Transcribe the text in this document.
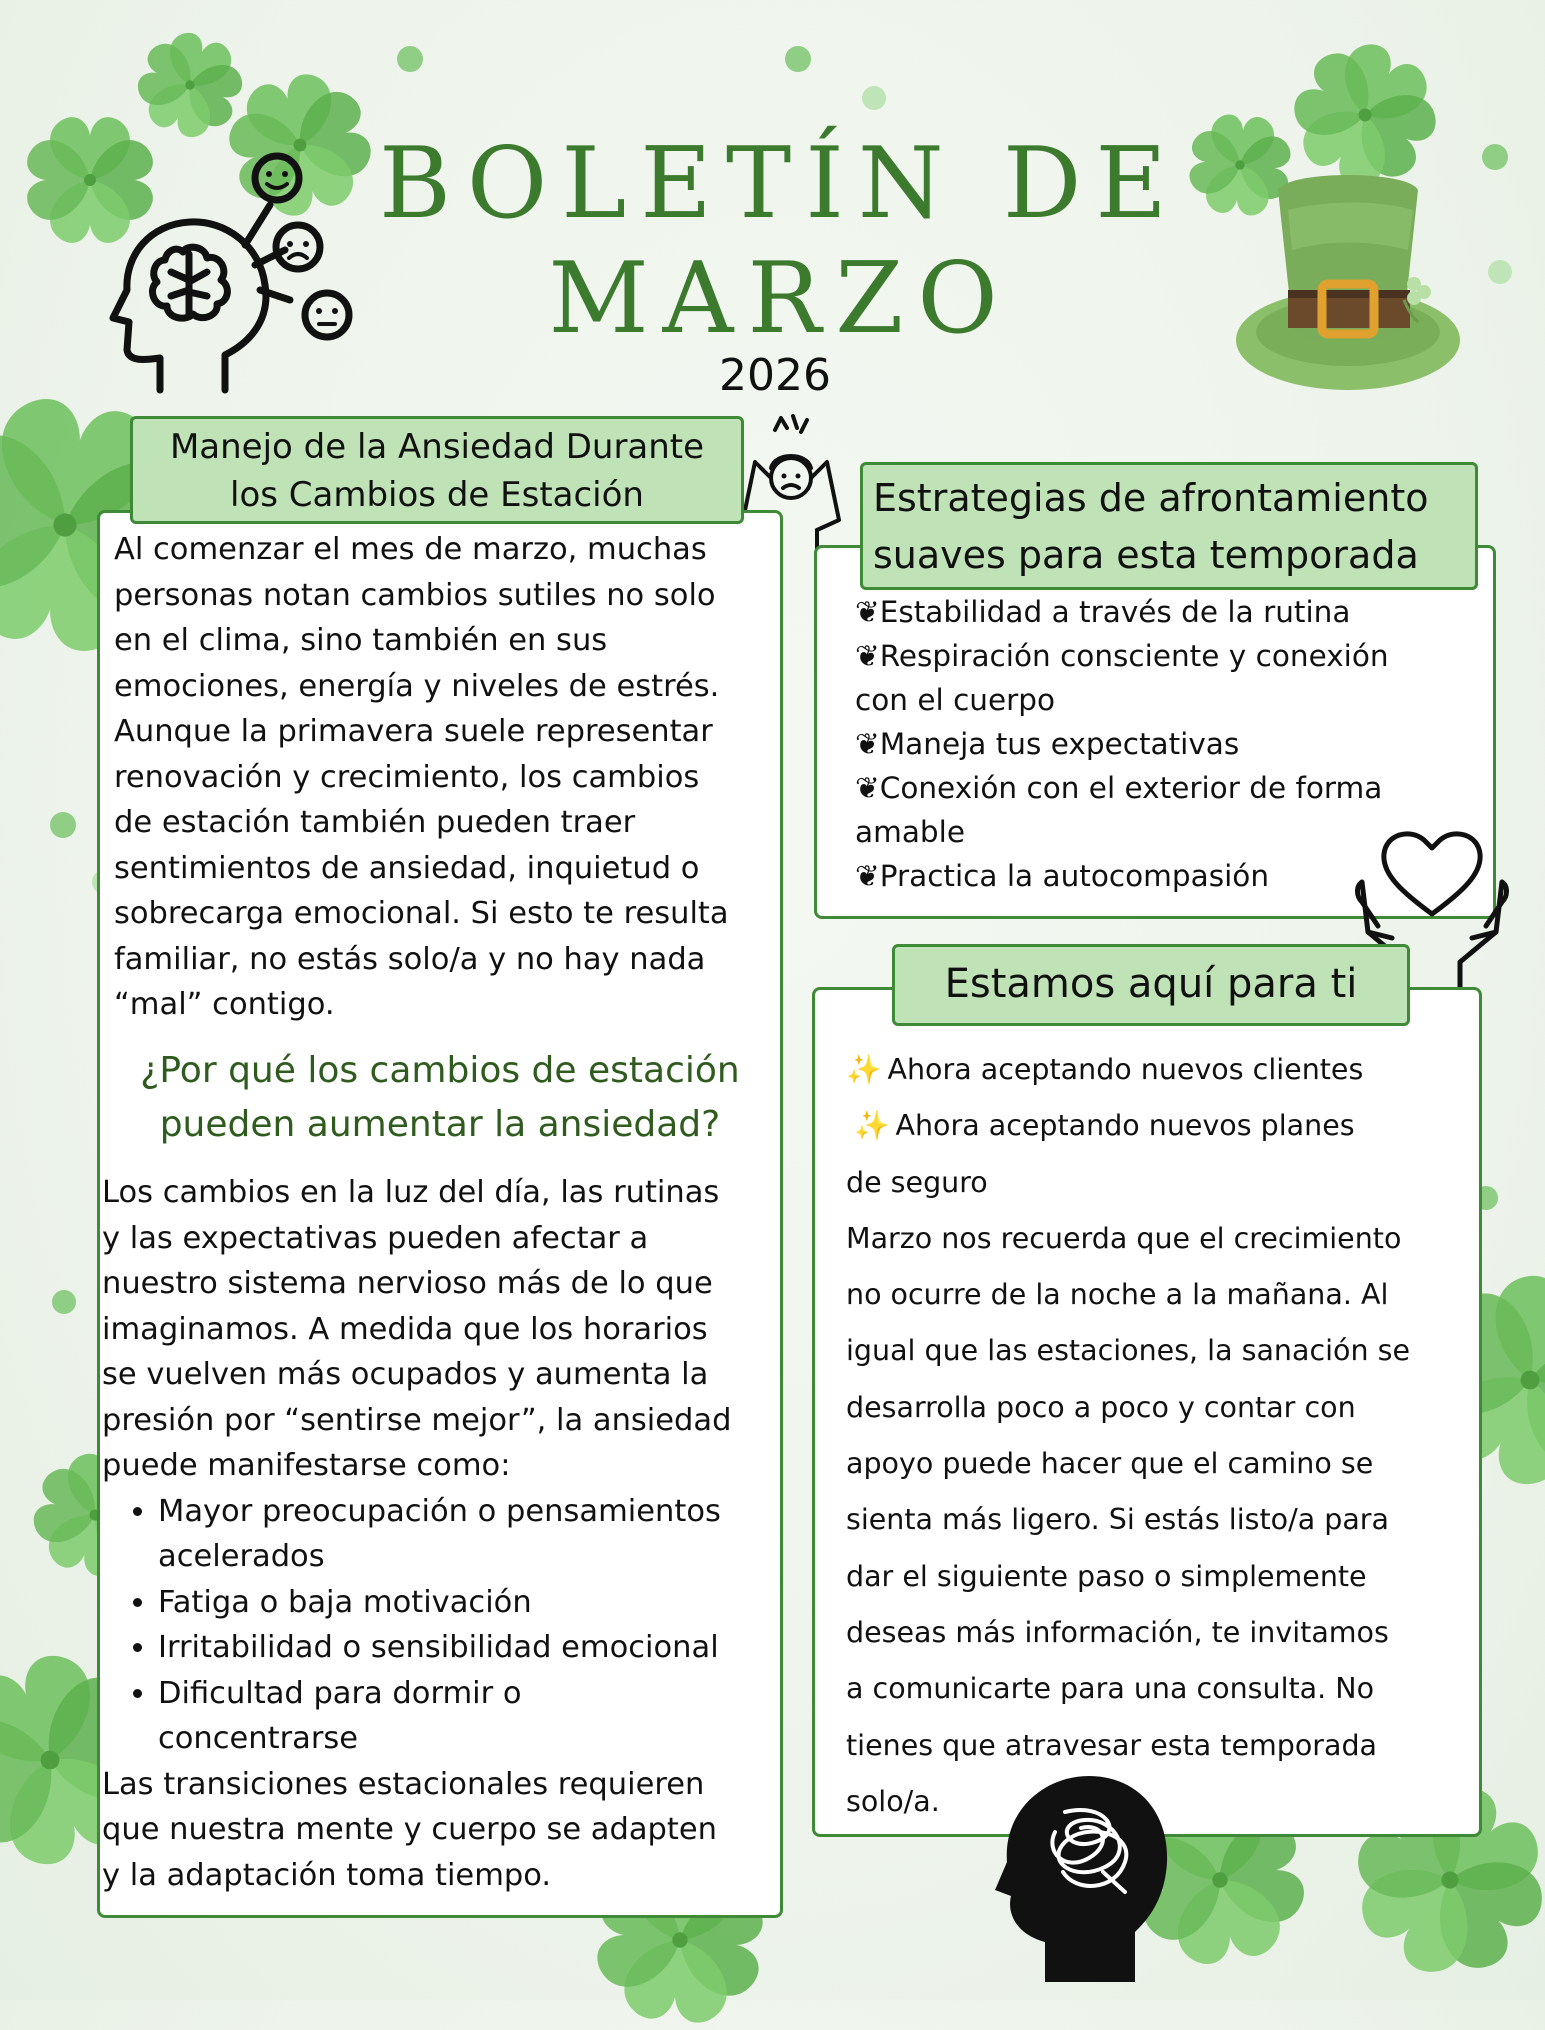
BOLETÍN DE
MARZO
2026
Manejo de la Ansiedad Durante
los Cambios de Estación

Al comenzar el mes de marzo, muchas

personas notan cambios sutiles no solo

en el clima, sino también en sus

emociones, energía y niveles de estrés.

Aunque la primavera suele representar

renovación y crecimiento, los cambios

de estación también pueden traer

sentimientos de ansiedad, inquietud o

sobrecarga emocional. Si esto te resulta

familiar, no estás solo/a y no hay nada

“mal” contigo.

¿Por qué los cambios de estación
pueden aumentar la ansiedad?

Los cambios en la luz del día, las rutinas

y las expectativas pueden afectar a

nuestro sistema nervioso más de lo que

imaginamos. A medida que los horarios

se vuelven más ocupados y aumenta la

presión por “sentirse mejor”, la ansiedad

puede manifestarse como:

• Mayor preocupación o pensamientos
acelerados
• Fatiga o baja motivación
• Irritabilidad o sensibilidad emocional
• Dificultad para dormir o
concentrarse

Las transiciones estacionales requieren

que nuestra mente y cuerpo se adapten

y la adaptación toma tiempo.

Estrategias de afrontamiento
suaves para esta temporada
❦Estabilidad a través de la rutina
❦Respiración consciente y conexión
con el cuerpo
❦Maneja tus expectativas
❦Conexión con el exterior de forma
amable
❦Practica la autocompasión
Estamos aquí para ti
✨ Ahora aceptando nuevos clientes
✨ Ahora aceptando nuevos planes
de seguro
Marzo nos recuerda que el crecimiento
no ocurre de la noche a la mañana. Al
igual que las estaciones, la sanación se
desarrolla poco a poco y contar con
apoyo puede hacer que el camino se
sienta más ligero. Si estás listo/a para
dar el siguiente paso o simplemente
deseas más información, te invitamos
a comunicarte para una consulta. No
tienes que atravesar esta temporada
solo/a.
